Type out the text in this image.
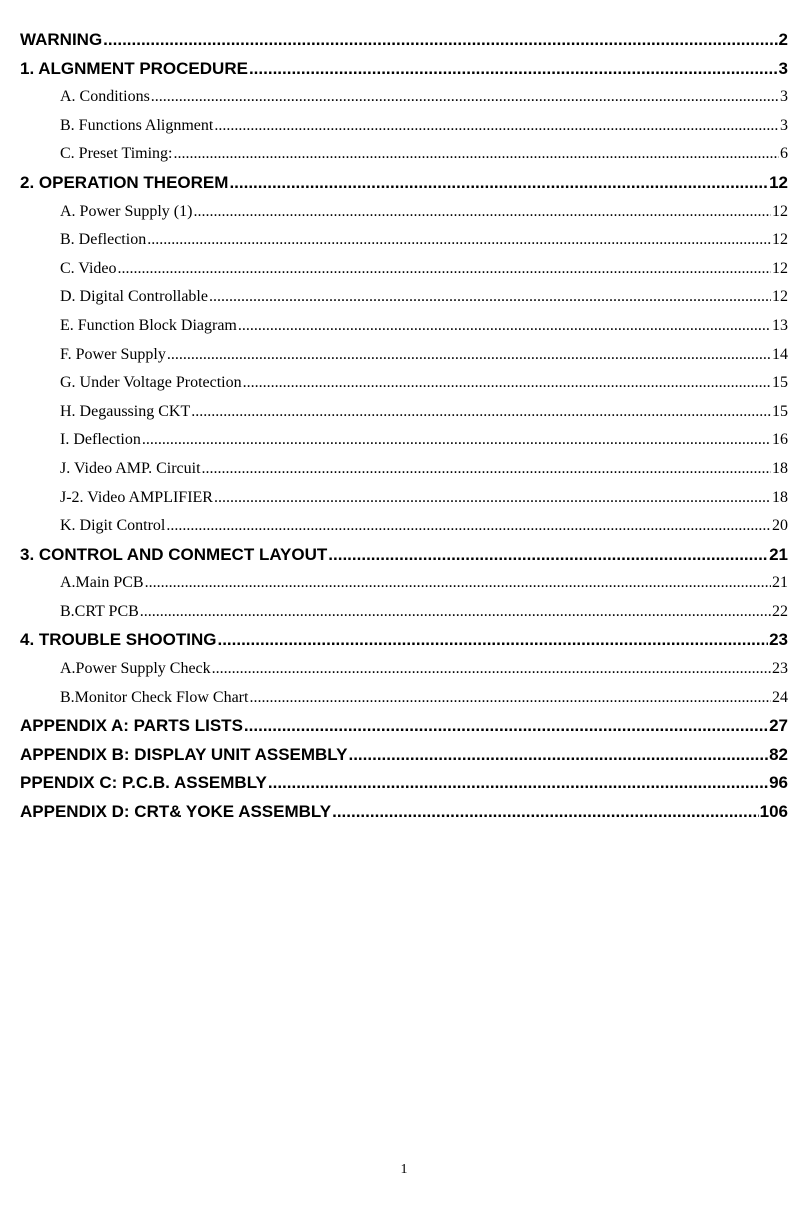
WARNING .....	2
1. ALGNMENT PROCEDURE .....	3
A. Conditions .....	3
B. Functions Alignment .....	3
C. Preset Timing: .....	6
2. OPERATION THEOREM .....	12
A. Power Supply (1) .....	12
B. Deflection .....	12
C. Video .....	12
D. Digital Controllable .....	12
E. Function Block Diagram .....	13
F. Power Supply .....	14
G. Under Voltage Protection .....	15
H. Degaussing CKT .....	15
I. Deflection .....	16
J. Video AMP. Circuit .....	18
J-2. Video AMPLIFIER .....	18
K. Digit Control .....	20
3. CONTROL AND CONMECT LAYOUT .....	21
A.Main PCB .....	21
B.CRT PCB .....	22
4. TROUBLE SHOOTING .....	23
A.Power Supply Check .....	23
B.Monitor Check Flow Chart .....	24
APPENDIX A: PARTS LISTS .....	27
APPENDIX B: DISPLAY UNIT ASSEMBLY .....	82
PPENDIX C: P.C.B. ASSEMBLY .....	96
APPENDIX D: CRT& YOKE ASSEMBLY .....	106
1
